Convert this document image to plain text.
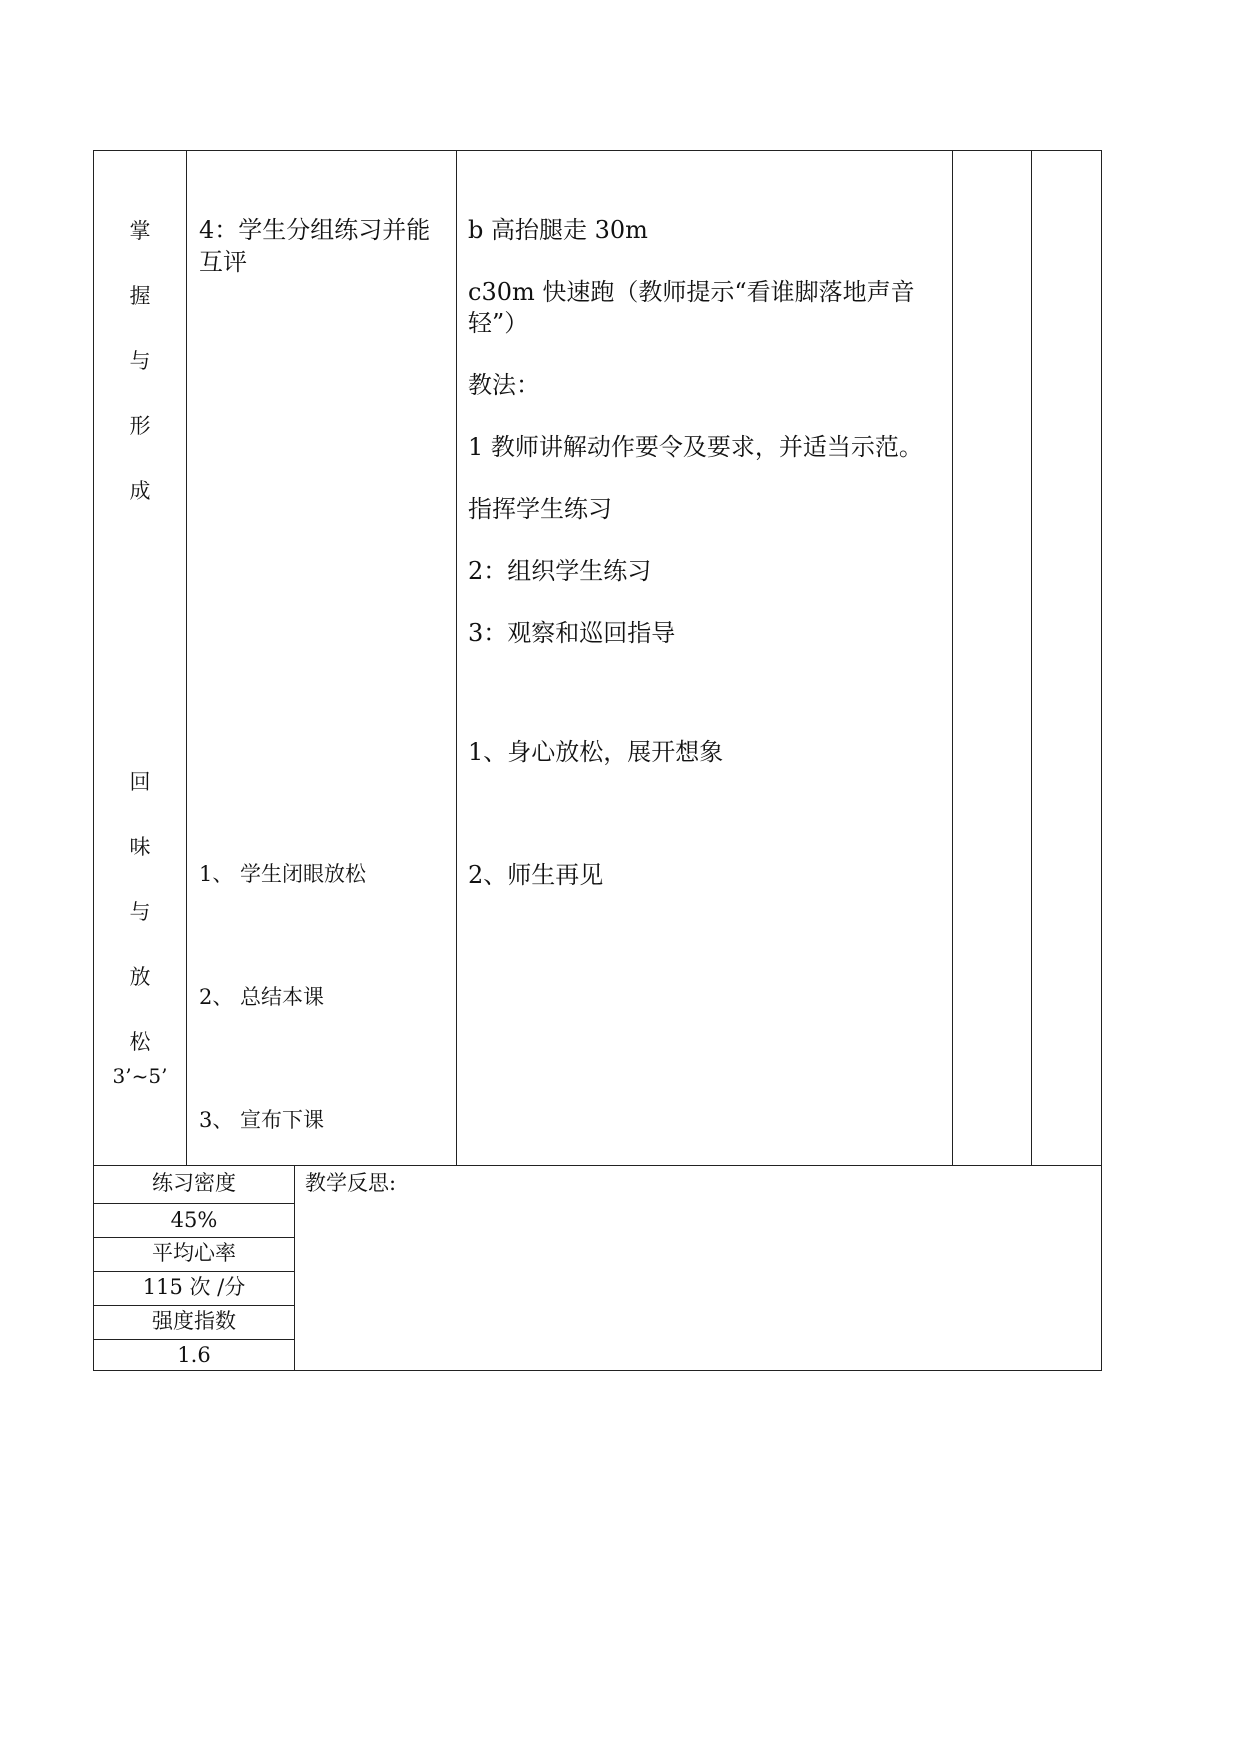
掌
握
与
形
成
回
味
与
放
松
3’~5’
4：学生分组练习并能
互评
1、 学生闭眼放松
2、 总结本课
3、 宣布下课
b 高抬腿走 30m
c30m 快速跑（教师提示“看谁脚落地声音
轻”）
教法：
1 教师讲解动作要令及要求，并适当示范。
指挥学生练习
2：组织学生练习
3：观察和巡回指导
1、身心放松，展开想象
2、师生再见
练习密度
45%
平均心率
115 次 /分
强度指数
1.6
教学反思:
